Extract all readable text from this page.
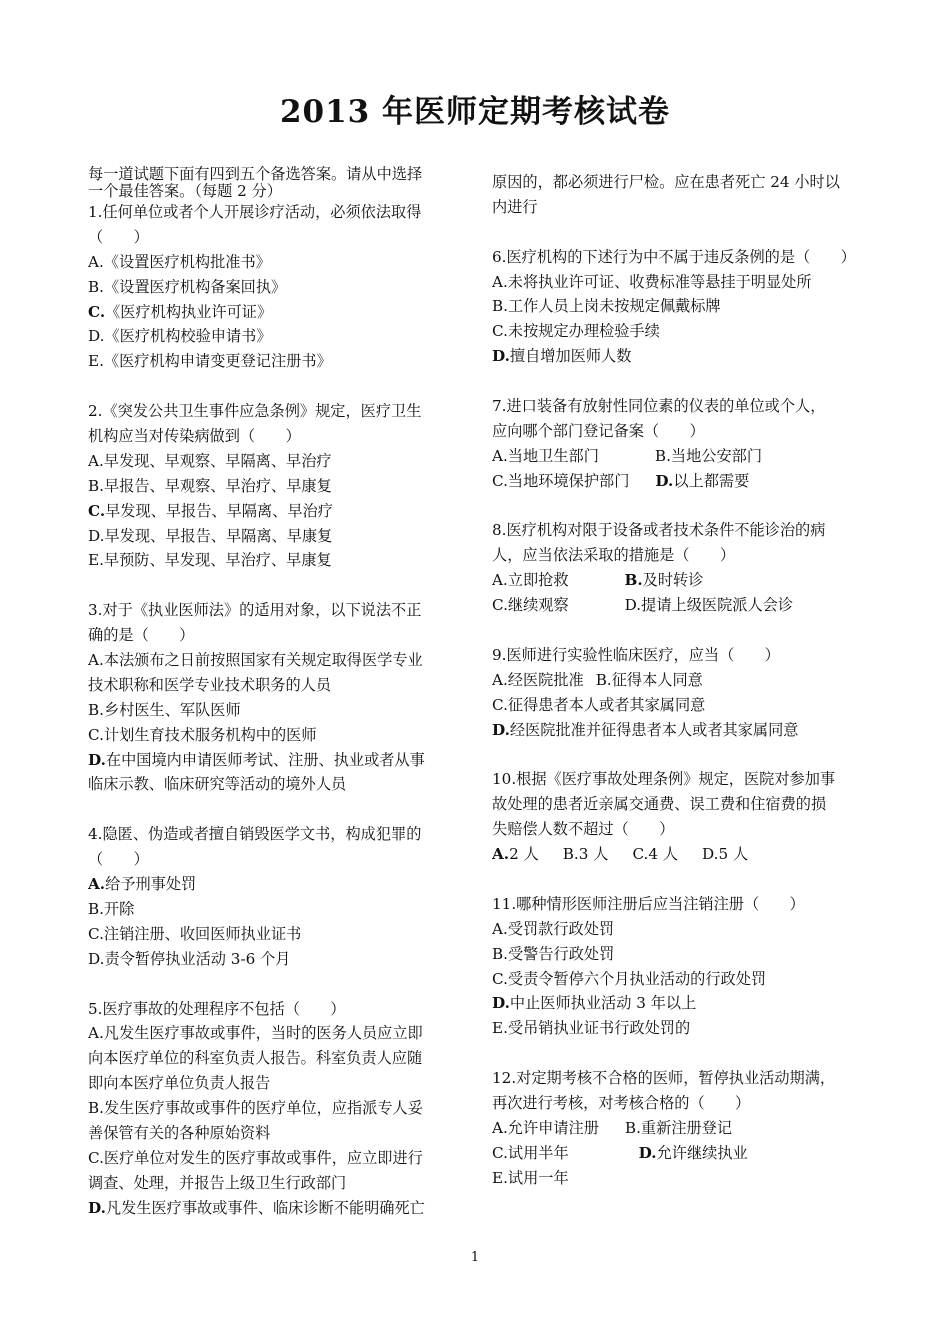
2013 年医师定期考核试卷
每一道试题下面有四到五个备选答案。请从中选择
一个最佳答案。（每题 2 分）
1.任何单位或者个人开展诊疗活动，必须依法取得
（　　）
A.《设置医疗机构批准书》
B.《设置医疗机构备案回执》
C.《医疗机构执业许可证》
D.《医疗机构校验申请书》
E.《医疗机构申请变更登记注册书》
2.《突发公共卫生事件应急条例》规定，医疗卫生
机构应当对传染病做到（　　）
A.早发现、早观察、早隔离、早治疗
B.早报告、早观察、早治疗、早康复
C.早发现、早报告、早隔离、早治疗
D.早发现、早报告、早隔离、早康复
E.早预防、早发现、早治疗、早康复
3.对于《执业医师法》的适用对象，以下说法不正
确的是（　　）
A.本法颁布之日前按照国家有关规定取得医学专业
技术职称和医学专业技术职务的人员
B.乡村医生、军队医师
C.计划生育技术服务机构中的医师
D.在中国境内申请医师考试、注册、执业或者从事
临床示教、临床研究等活动的境外人员
4.隐匿、伪造或者擅自销毁医学文书，构成犯罪的
（　　）
A.给予刑事处罚
B.开除
C.注销注册、收回医师执业证书
D.责令暂停执业活动 3-6 个月
5.医疗事故的处理程序不包括（　　）
A.凡发生医疗事故或事件，当时的医务人员应立即
向本医疗单位的科室负责人报告。科室负责人应随
即向本医疗单位负责人报告
B.发生医疗事故或事件的医疗单位，应指派专人妥
善保管有关的各种原始资料
C.医疗单位对发生的医疗事故或事件，应立即进行
调查、处理，并报告上级卫生行政部门
D.凡发生医疗事故或事件、临床诊断不能明确死亡
原因的，都必须进行尸检。应在患者死亡 24 小时以
内进行
6.医疗机构的下述行为中不属于违反条例的是（　　）
A.未将执业许可证、收费标准等悬挂于明显处所
B.工作人员上岗未按规定佩戴标牌
C.未按规定办理检验手续
D.擅自增加医师人数
7.进口装备有放射性同位素的仪表的单位或个人，
应向哪个部门登记备案（　　）
A.当地卫生部门	B.当地公安部门
C.当地环境保护部门 D.以上都需要
8.医疗机构对限于设备或者技术条件不能诊治的病
人，应当依法采取的措施是（　　）
A.立即抢救	B.及时转诊
C.继续观察	D.提请上级医院派人会诊
9.医师进行实验性临床医疗，应当（　　）
A.经医院批准 B.征得本人同意
C.征得患者本人或者其家属同意
D.经医院批准并征得患者本人或者其家属同意
10.根据《医疗事故处理条例》规定，医院对参加事
故处理的患者近亲属交通费、误工费和住宿费的损
失赔偿人数不超过（　　）
A.2 人 B.3 人 C.4 人 D.5 人
11.哪种情形医师注册后应当注销注册（　　）
A.受罚款行政处罚
B.受警告行政处罚
C.受责令暂停六个月执业活动的行政处罚
D.中止医师执业活动 3 年以上
E.受吊销执业证书行政处罚的
12.对定期考核不合格的医师，暂停执业活动期满，
再次进行考核，对考核合格的（　　）
A.允许申请注册 B.重新注册登记
C.试用半年	D.允许继续执业
E.试用一年
1
